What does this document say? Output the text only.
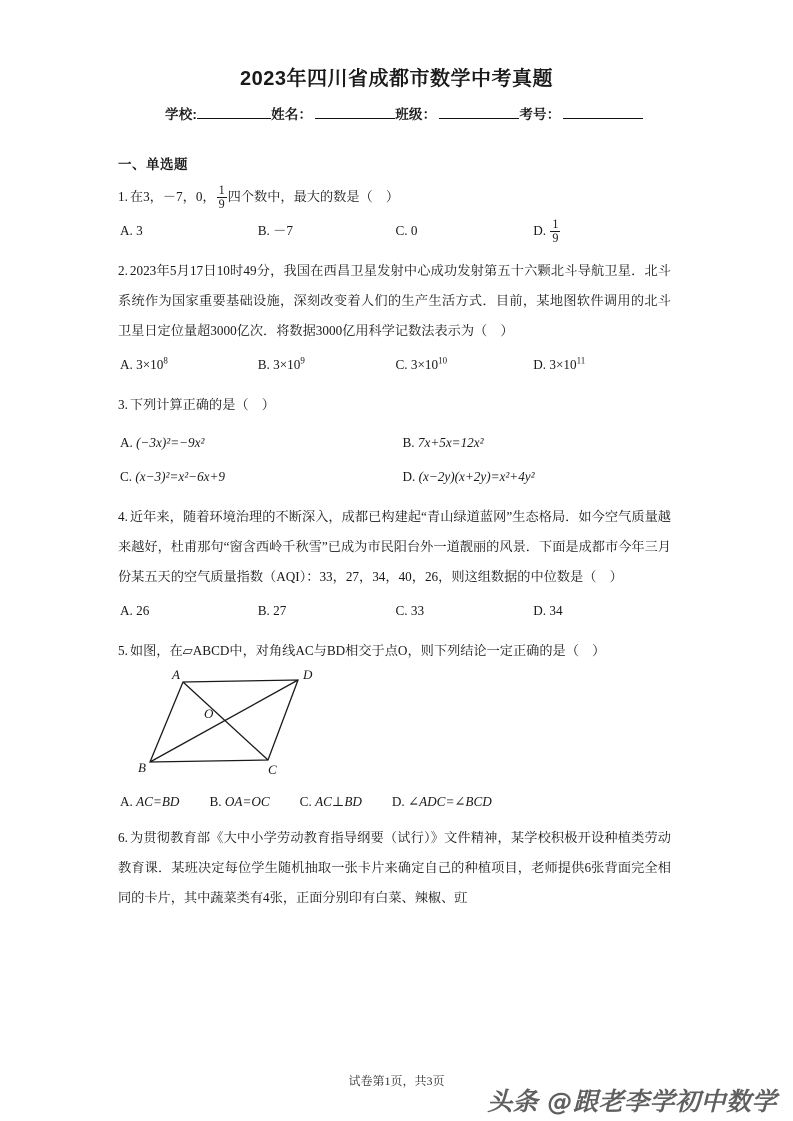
2023年四川省成都市数学中考真题
学校:	姓名：	班级：	考号：
一、单选题
1. 在3，－7，0， $\frac{1}{9}$ 四个数中，最大的数是（　）
A. 3	B. －7	C. 0	D. $\frac{1}{9}$
2. 2023年5月17日10时49分，我国在西昌卫星发射中心成功发射第五十六颗北斗导航卫星．北斗系统作为国家重要基础设施，深刻改变着人们的生产生活方式．目前，某地图软件调用的北斗卫星日定位量超3000亿次．将数据3000亿用科学记数法表示为（　）
A. $3\times 10^8$	B. $3\times 10^9$	C. $3\times 10^{10}$	D. $3\times 10^{11}$
3. 下列计算正确的是（　）
A. (−3x)²=−9x²	B. 7x+5x=12x²
C. (x−3)²=x²−6x+9	D. (x−2y)(x+2y)=x²+4y²
4. 近年来，随着环境治理的不断深入，成都已构建起“青山绿道蓝网”生态格局．如今空气质量越来越好，杜甫那句“窗含西岭千秋雪”已成为市民阳台外一道靓丽的风景．下面是成都市今年三月份某五天的空气质量指数（AQI）：33，27，34，40，26，则这组数据的中位数是（　）
A. 26	B. 27	C. 33	D. 34
5. 如图，在▱ABCD中，对角线AC与BD相交于点O，则下列结论一定正确的是（　）
A
B	C
D
O
A. AC=BD B. OA=OC C. AC⊥BD D. ∠ADC=∠BCD
6. 为贯彻教育部《大中小学劳动教育指导纲要（试行）》文件精神，某学校积极开设种植类劳动教育课．某班决定每位学生随机抽取一张卡片来确定自己的种植项目，老师提供6张背面完全相同的卡片，其中蔬菜类有4张，正面分别印有白菜、辣椒、豇
试卷第1页，共3页
头条 @跟老李学初中数学
